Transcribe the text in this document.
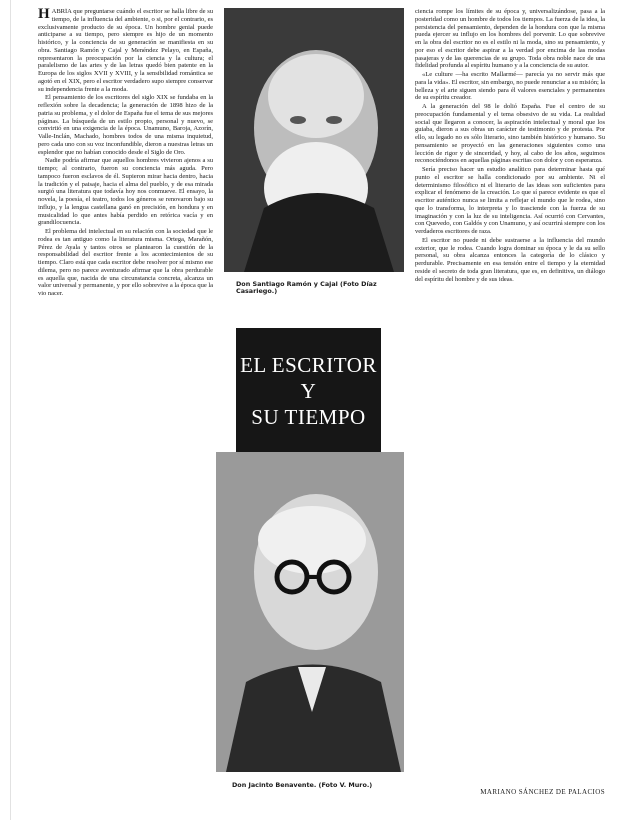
HABRÍA que preguntarse cuándo el escritor se halla libre de su tiempo, de la influencia del ambiente, o si, por el contrario, es exclusivamente producto de su época. Un hombre genial puede anticiparse a su tiempo, pero siempre es hijo de un momento histórico, y la conciencia de su generación se manifiesta en su obra. Santiago Ramón y Cajal y Menéndez Pelayo, en España, representaron la preocupación por la ciencia y la cultura; el paralelismo de las artes y de las letras quedó bien patente en la Europa de los siglos XVII y XVIII, y la sensibilidad romántica se agotó en el XIX, pero el escritor verdadero supo siempre conservar su independencia frente a la moda.

El pensamiento de los escritores del siglo XIX se fundaba en la reflexión sobre la decadencia; la generación de 1898 hizo de la patria su problema, y el dolor de España fue el tema de sus mejores páginas. La búsqueda de un estilo propio, personal y nuevo, se convirtió en una exigencia de la época. Unamuno, Baroja, Azorín, Valle-Inclán, Machado, hombres todos de una misma inquietud, pero cada uno con su voz inconfundible, dieron a nuestras letras un esplendor que no habían conocido desde el Siglo de Oro.

Nadie podría afirmar que aquellos hombres vivieron ajenos a su tiempo; al contrario, fueron su conciencia más aguda. Pero tampoco fueron esclavos de él. Supieron mirar hacia dentro, hacia la tradición y el paisaje, hacia el alma del pueblo, y de esa mirada surgió una literatura que todavía hoy nos conmueve. El ensayo, la novela, la poesía, el teatro, todos los géneros se renovaron bajo su influjo, y la lengua castellana ganó en precisión, en hondura y en musicalidad lo que antes había perdido en retórica vacía y en grandilocuencia.

El problema del intelectual en su relación con la sociedad que le rodea es tan antiguo como la literatura misma. Ortega, Marañón, Pérez de Ayala y tantos otros se plantearon la cuestión de la responsabilidad del escritor frente a los acontecimientos de su tiempo. Claro está que cada escritor debe resolver por sí mismo ese dilema, pero no parece aventurado afirmar que la obra perdurable es aquella que, nacida de una circunstancia concreta, alcanza un valor universal y permanente, y por ello sobrevive a la época que la vio nacer.

Don Santiago Ramón y Cajal (Foto Díaz Casariego.)
EL ESCRITOR
Y
SU TIEMPO
Don Jacinto Benavente. (Foto V. Muro.)

ciencia rompe los límites de su época y, universalizándose, pasa a la posteridad como un hombre de todos los tiempos. La fuerza de la idea, la persistencia del pensamiento, dependen de la hondura con que la misma pueda ejercer su influjo en los hombres del porvenir. Lo que sobrevive en la obra del escritor no es el estilo ni la moda, sino su pensamiento, y por eso el escritor debe aspirar a la verdad por encima de las modas pasajeras y de las querencias de su grupo. Toda obra noble nace de una fidelidad profunda al espíritu humano y a la conciencia de su autor.

«Le culture —ha escrito Mallarmé— parecía ya no servir más que para la vida». El escritor, sin embargo, no puede renunciar a su misión; la belleza y el arte siguen siendo para él valores esenciales y permanentes de su espíritu creador.

A la generación del 98 le dolió España. Fue el centro de su preocupación fundamental y el tema obsesivo de su vida. La realidad social que llegaron a conocer, la aspiración intelectual y moral que los guiaba, dieron a sus obras un carácter de testimonio y de protesta. Por ello, su legado no es sólo literario, sino también histórico y humano. Su pensamiento se proyectó en las generaciones siguientes como una lección de rigor y de sinceridad, y hoy, al cabo de los años, seguimos reconociéndonos en aquellas páginas escritas con dolor y con esperanza.

Sería preciso hacer un estudio analítico para determinar hasta qué punto el escritor se halla condicionado por su ambiente. Ni el determinismo filosófico ni el literario de las ideas son suficientes para explicar el fenómeno de la creación. Lo que sí parece evidente es que el escritor auténtico nunca se limita a reflejar el mundo que le rodea, sino que lo transforma, lo interpreta y lo trasciende con la fuerza de su imaginación y con la luz de su inteligencia. Así ocurrió con Cervantes, con Quevedo, con Galdós y con Unamuno, y así ocurrirá siempre con los verdaderos escritores de raza.

El escritor no puede ni debe sustraerse a la influencia del mundo exterior, que le rodea. Cuando logra dominar su época y le da su sello personal, su obra alcanza entonces la categoría de lo clásico y perdurable. Precisamente en esa tensión entre el tiempo y la eternidad reside el secreto de toda gran literatura, que es, en definitiva, un diálogo del espíritu del hombre y de sus ideas.

MARIANO SÁNCHEZ DE PALACIOS
